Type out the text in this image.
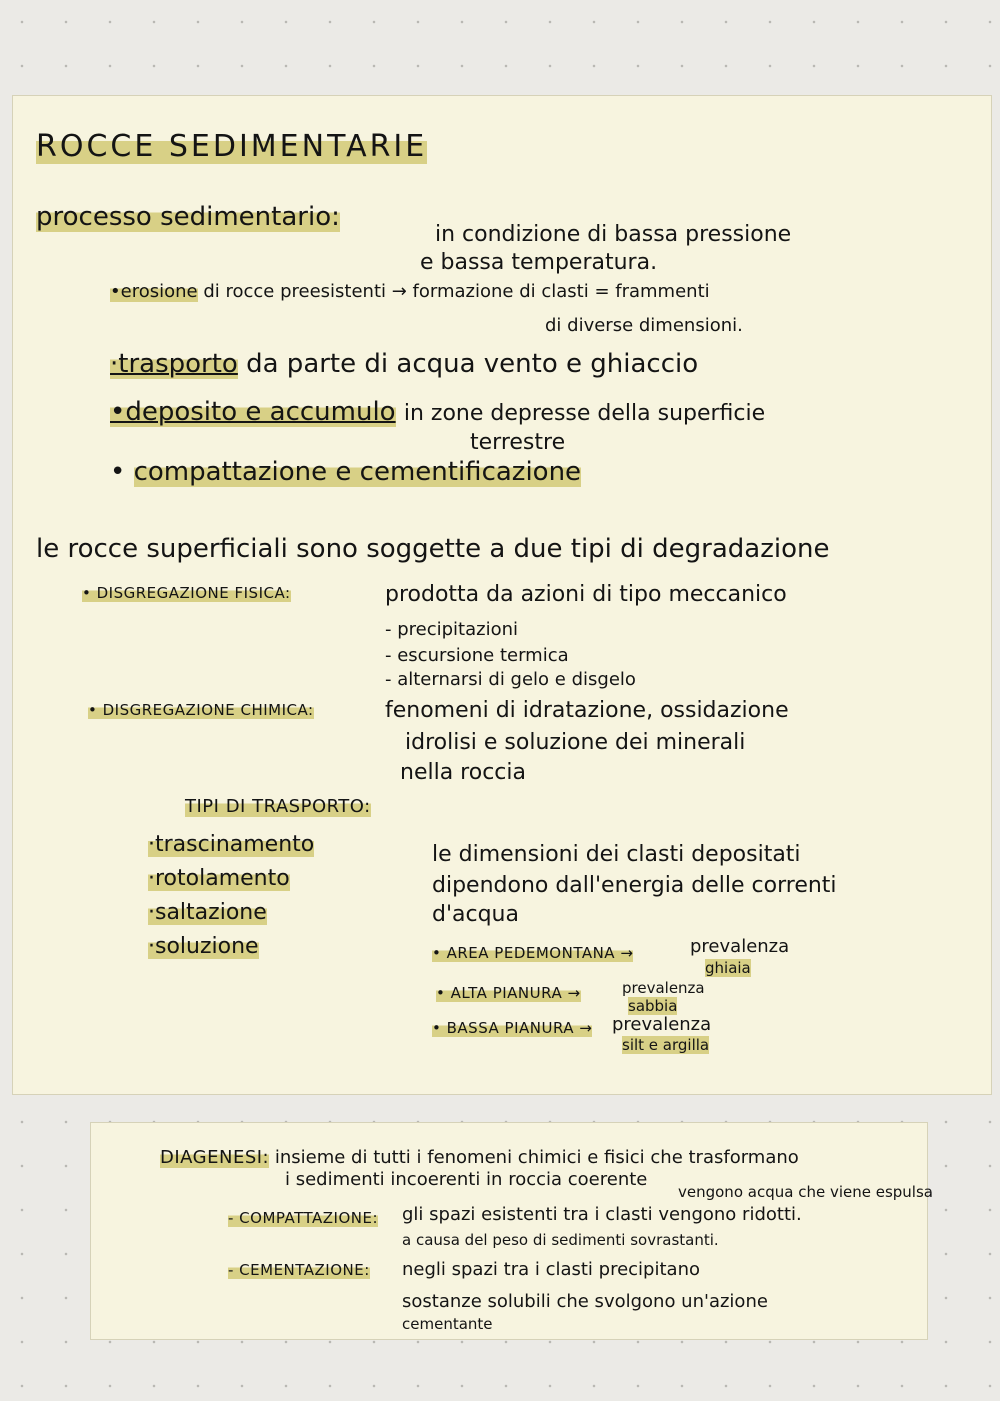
ROCCE SEDIMENTARIE
processo sedimentario:
in condizione di bassa pressione
e bassa temperatura.
•erosione di rocce preesistenti → formazione di clasti = frammenti
di diverse dimensioni.
·trasporto da parte di acqua vento e ghiaccio
•deposito e accumulo in zone depresse della superficie
terrestre
• compattazione e cementificazione
le rocce superficiali sono soggette a due tipi di degradazione
• DISGREGAZIONE FISICA:	prodotta da azioni di tipo meccanico
- precipitazioni
- escursione termica
- alternarsi di gelo e disgelo
• DISGREGAZIONE CHIMICA:	fenomeni di idratazione, ossidazione
idrolisi e soluzione dei minerali
nella roccia
TIPI DI TRASPORTO:
·trascinamento
·rotolamento
·saltazione
·soluzione
le dimensioni dei clasti depositati
dipendono dall'energia delle correnti
d'acqua
• AREA PEDEMONTANA →	prevalenza
ghiaia
• ALTA PIANURA →	prevalenza
sabbia
• BASSA PIANURA → prevalenza
silt e argilla
DIAGENESI: insieme di tutti i fenomeni chimici e fisici che trasformano
i sedimenti incoerenti in roccia coerente
vengono acqua che viene espulsa
- COMPATTAZIONE: gli spazi esistenti tra i clasti vengono ridotti.
a causa del peso di sedimenti sovrastanti.
- CEMENTAZIONE: negli spazi tra i clasti precipitano
sostanze solubili che svolgono un'azione
cementante
